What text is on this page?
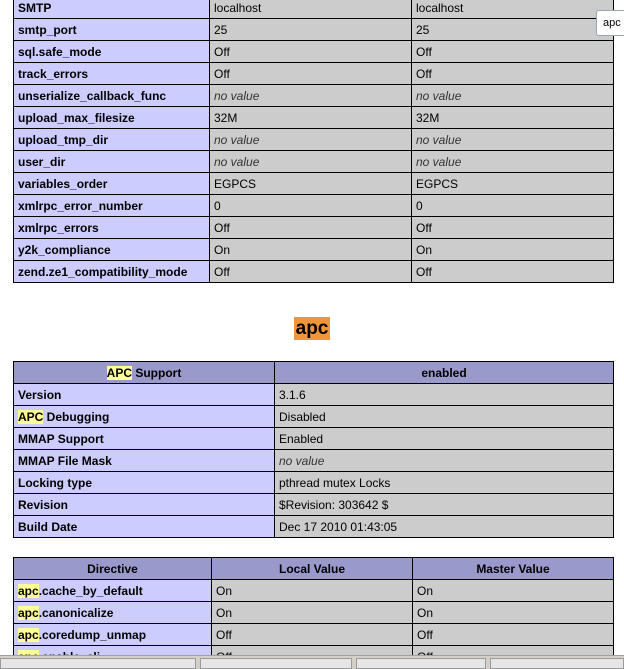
SMTP	localhost	localhost
smtp_port	25	25
sql.safe_mode	Off	Off
track_errors	Off	Off
unserialize_callback_func	no value	no value
upload_max_filesize	32M	32M
upload_tmp_dir	no value	no value
user_dir	no value	no value
variables_order	EGPCS	EGPCS
xmlrpc_error_number	0	0
xmlrpc_errors	Off	Off
y2k_compliance	On	On
zend.ze1_compatibility_mode	Off	Off
apc
APC Support	enabled
Version	3.1.6
APC Debugging	Disabled
MMAP Support	Enabled
MMAP File Mask	no value
Locking type	pthread mutex Locks
Revision	$Revision: 303642 $
Build Date	Dec 17 2010 01:43:05
Directive	Local Value	Master Value
apc.cache_by_default	On	On
apc.canonicalize	On	On
apc.coredump_unmap	Off	Off

apc
